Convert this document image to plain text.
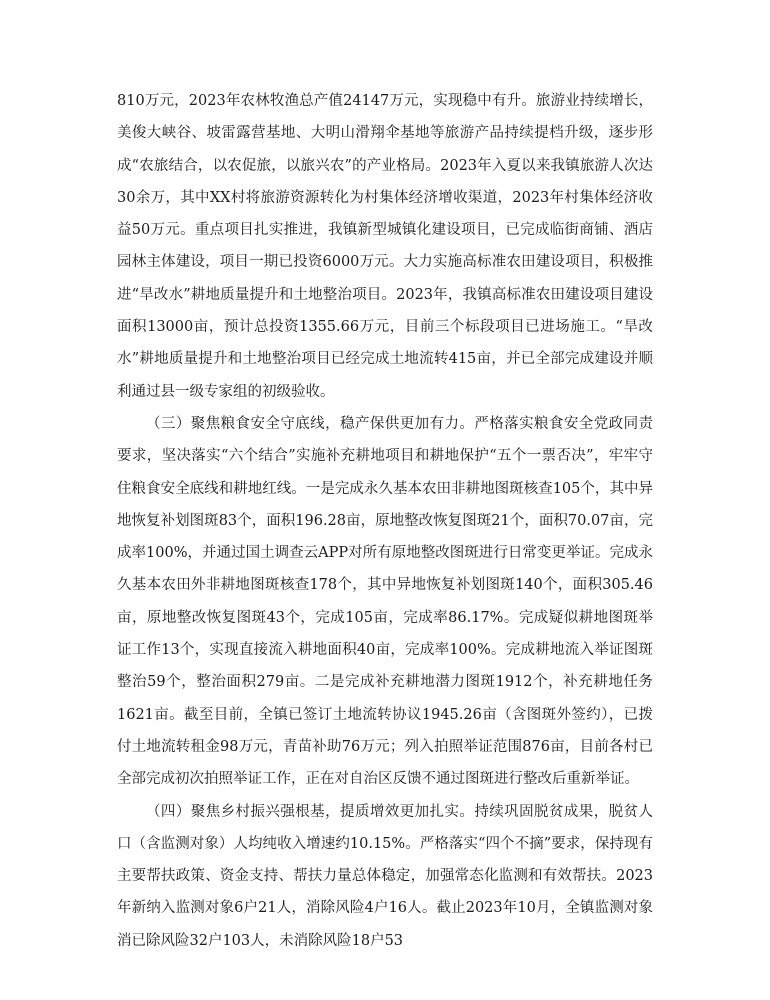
810万元，2023年农林牧渔总产值24147万元，实现稳中有升。旅游业持续增长，美俊大峡谷、坡雷露营基地、大明山滑翔伞基地等旅游产品持续提档升级，逐步形成“农旅结合，以农促旅，以旅兴农”的产业格局。2023年入夏以来我镇旅游人次达30余万，其中XX村将旅游资源转化为村集体经济增收渠道，2023年村集体经济收益50万元。重点项目扎实推进，我镇新型城镇化建设项目，已完成临街商铺、酒店园林主体建设，项目一期已投资6000万元。大力实施高标准农田建设项目，积极推进“旱改水”耕地质量提升和土地整治项目。2023年，我镇高标准农田建设项目建设面积13000亩，预计总投资1355.66万元，目前三个标段项目已进场施工。“旱改水”耕地质量提升和土地整治项目已经完成土地流转415亩，并已全部完成建设并顺利通过县一级专家组的初级验收。

（三）聚焦粮食安全守底线，稳产保供更加有力。严格落实粮食安全党政同责要求，坚决落实“六个结合”实施补充耕地项目和耕地保护“五个一票否决”，牢牢守住粮食安全底线和耕地红线。一是完成永久基本农田非耕地图斑核查105个，其中异地恢复补划图斑83个，面积196.28亩，原地整改恢复图斑21个，面积70.07亩，完成率100%，并通过国土调查云APP对所有原地整改图斑进行日常变更举证。完成永久基本农田外非耕地图斑核查178个，其中异地恢复补划图斑140个，面积305.46亩，原地整改恢复图斑43个，完成105亩，完成率86.17%。完成疑似耕地图斑举证工作13个，实现直接流入耕地面积40亩，完成率100%。完成耕地流入举证图斑整治59个，整治面积279亩。二是完成补充耕地潜力图斑1912个，补充耕地任务1621亩。截至目前，全镇已签订土地流转协议1945.26亩（含图斑外签约），已拨付土地流转租金98万元，青苗补助76万元；列入拍照举证范围876亩，目前各村已全部完成初次拍照举证工作，正在对自治区反馈不通过图斑进行整改后重新举证。

（四）聚焦乡村振兴强根基，提质增效更加扎实。持续巩固脱贫成果，脱贫人口（含监测对象）人均纯收入增速约10.15%。严格落实“四个不摘”要求，保持现有主要帮扶政策、资金支持、帮扶力量总体稳定，加强常态化监测和有效帮扶。2023年新纳入监测对象6户21人，消除风险4户16人。截止2023年10月，全镇监测对象消已除风险32户103人，未消除风险18户53
